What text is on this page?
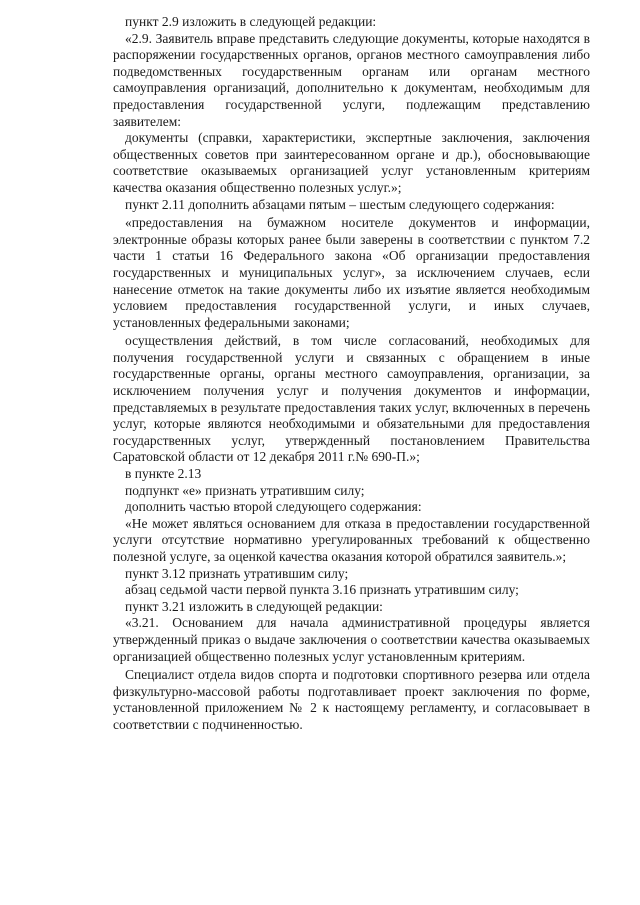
пункт 2.9 изложить в следующей редакции:

«2.9. Заявитель вправе представить следующие документы, которые находятся в распоряжении государственных органов, органов местного самоуправления либо подведомственных государственным органам или органам местного самоуправления организаций, дополнительно к документам, необходимым для предоставления государственной услуги, подлежащим представлению заявителем:

документы (справки, характеристики, экспертные заключения, заключения общественных советов при заинтересованном органе и др.), обосновывающие соответствие оказываемых организацией услуг установленным критериям качества оказания общественно полезных услуг.»;

пункт 2.11 дополнить абзацами пятым – шестым следующего содержания:

«предоставления на бумажном носителе документов и информации, электронные образы которых ранее были заверены в соответствии с пунктом 7.2 части 1 статьи 16 Федерального закона «Об организации предоставления государственных и муниципальных услуг», за исключением случаев, если нанесение отметок на такие документы либо их изъятие является необходимым условием предоставления государственной услуги, и иных случаев, установленных федеральными законами;

осуществления действий, в том числе согласований, необходимых для получения государственной услуги и связанных с обращением в иные государственные органы, органы местного самоуправления, организации, за исключением получения услуг и получения документов и информации, представляемых в результате предоставления таких услуг, включенных в перечень услуг, которые являются необходимыми и обязательными для предоставления государственных услуг, утвержденный постановлением Правительства Саратовской области от 12 декабря 2011 г.№ 690-П.»;

в пункте 2.13

подпункт «е» признать утратившим силу;

дополнить частью второй следующего содержания:

«Не может являться основанием для отказа в предоставлении государственной услуги отсутствие нормативно урегулированных требований к общественно полезной услуге, за оценкой качества оказания которой обратился заявитель.»;

пункт 3.12 признать утратившим силу;

абзац седьмой части первой пункта 3.16 признать утратившим силу;

пункт 3.21 изложить в следующей редакции:

«3.21. Основанием для начала административной процедуры является утвержденный приказ о выдаче заключения о соответствии качества оказываемых организацией общественно полезных услуг установленным критериям.

Специалист отдела видов спорта и подготовки спортивного резерва или отдела физкультурно-массовой работы подготавливает проект заключения по форме, установленной приложением № 2 к настоящему регламенту, и согласовывает в соответствии с подчиненностью.
